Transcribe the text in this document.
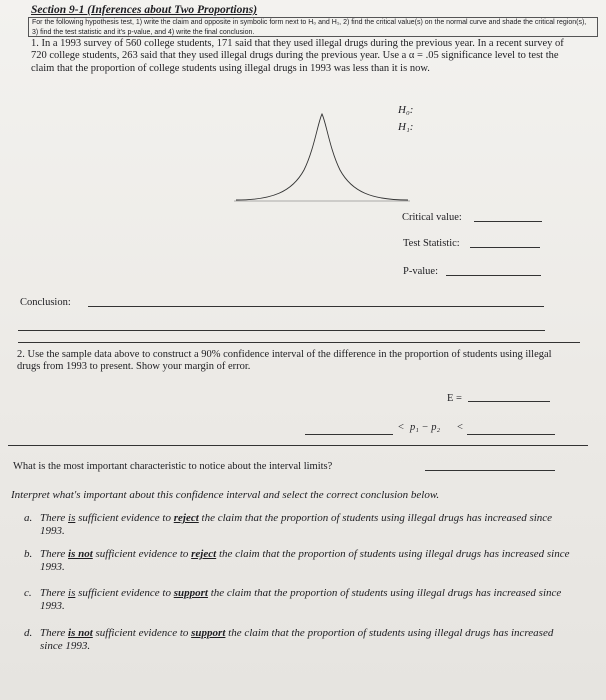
Section 9-1 (Inferences about Two Proportions)
For the following hypothesis test, 1) write the claim and opposite in symbolic form next to H₀ and H₁, 2) find the critical value(s) on the normal curve and shade the critical region(s), 3) find the test statistic and it's p-value, and 4) write the final conclusion.
1. In a 1993 survey of 560 college students, 171 said that they used illegal drugs during the previous year. In a recent survey of 720 college students, 263 said that they used illegal drugs during the previous year. Use a α = .05 significance level to test the claim that the proportion of college students using illegal drugs in 1993 was less than it is now.
H₀:
H₁:
Critical value:
Test Statistic:
P-value:
Conclusion:
2. Use the sample data above to construct a 90% confidence interval of the difference in the proportion of students using illegal drugs from 1993 to present. Show your margin of error.
E =
< p₁ − p₂ <
What is the most important characteristic to notice about the interval limits?
Interpret what's important about this confidence interval and select the correct conclusion below.
a. There is sufficient evidence to reject the claim that the proportion of students using illegal drugs has increased since 1993.
b. There is not sufficient evidence to reject the claim that the proportion of students using illegal drugs has increased since 1993.
c. There is sufficient evidence to support the claim that the proportion of students using illegal drugs has increased since 1993.
d. There is not sufficient evidence to support the claim that the proportion of students using illegal drugs has increased since 1993.
